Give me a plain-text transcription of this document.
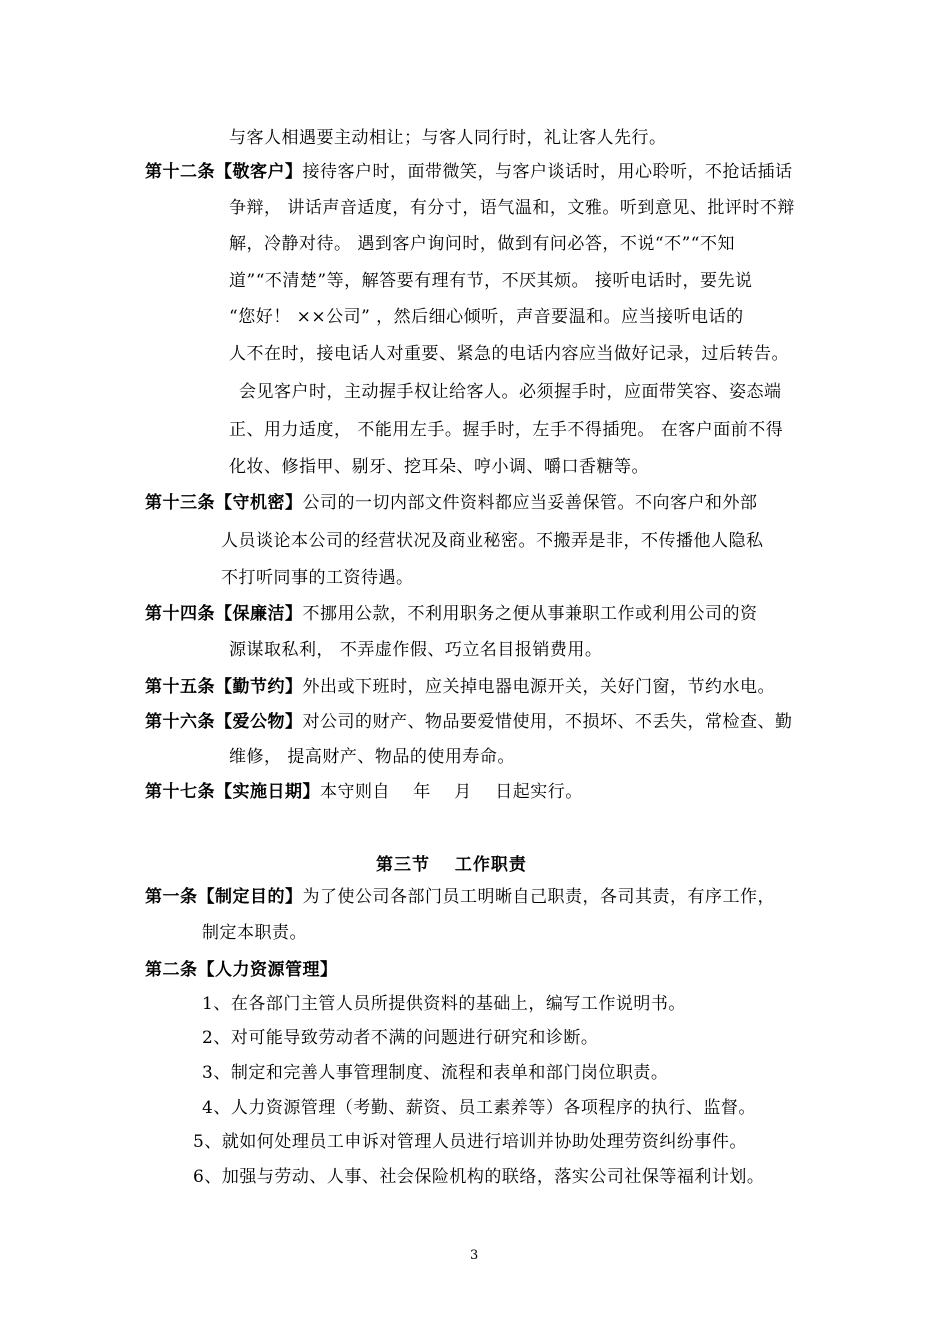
与客人相遇要主动相让；与客人同行时，礼让客人先行。
第十二条【敬客户】接待客户时，面带微笑，与客户谈话时，用心聆听，不抢话插话
争辩， 讲话声音适度，有分寸，语气温和，文雅。听到意见、批评时不辩
解，冷静对待。 遇到客户询问时，做到有问必答，不说“不”“不知
道”“不清楚”等，解答要有理有节，不厌其烦。 接听电话时，要先说
“您好！ ××公司” ，然后细心倾听，声音要温和。应当接听电话的
人不在时，接电话人对重要、紧急的电话内容应当做好记录，过后转告。
会见客户时，主动握手权让给客人。必须握手时，应面带笑容、姿态端
正、用力适度， 不能用左手。握手时，左手不得插兜。 在客户面前不得
化妆、修指甲、剔牙、挖耳朵、哼小调、嚼口香糖等。
第十三条【守机密】公司的一切内部文件资料都应当妥善保管。不向客户和外部
人员谈论本公司的经营状况及商业秘密。不搬弄是非，不传播他人隐私
不打听同事的工资待遇。
第十四条【保廉洁】不挪用公款，不利用职务之便从事兼职工作或利用公司的资
源谋取私利， 不弄虚作假、巧立名目报销费用。
第十五条【勤节约】外出或下班时，应关掉电器电源开关，关好门窗，节约水电。
第十六条【爱公物】对公司的财产、物品要爱惜使用，不损坏、不丢失，常检查、勤
维修， 提高财产、物品的使用寿命。
第十七条【实施日期】本守则自　 年　 月　 日起实行。
第三节　 工作职责
第一条【制定目的】为了使公司各部门员工明晰自己职责，各司其责，有序工作，
制定本职责。
第二条【人力资源管理】
1、在各部门主管人员所提供资料的基础上，编写工作说明书。
2、对可能导致劳动者不满的问题进行研究和诊断。
3、制定和完善人事管理制度、流程和表单和部门岗位职责。
4、人力资源管理（考勤、薪资、员工素养等）各项程序的执行、监督。
5、就如何处理员工申诉对管理人员进行培训并协助处理劳资纠纷事件。
6、加强与劳动、人事、社会保险机构的联络，落实公司社保等福利计划。
3
